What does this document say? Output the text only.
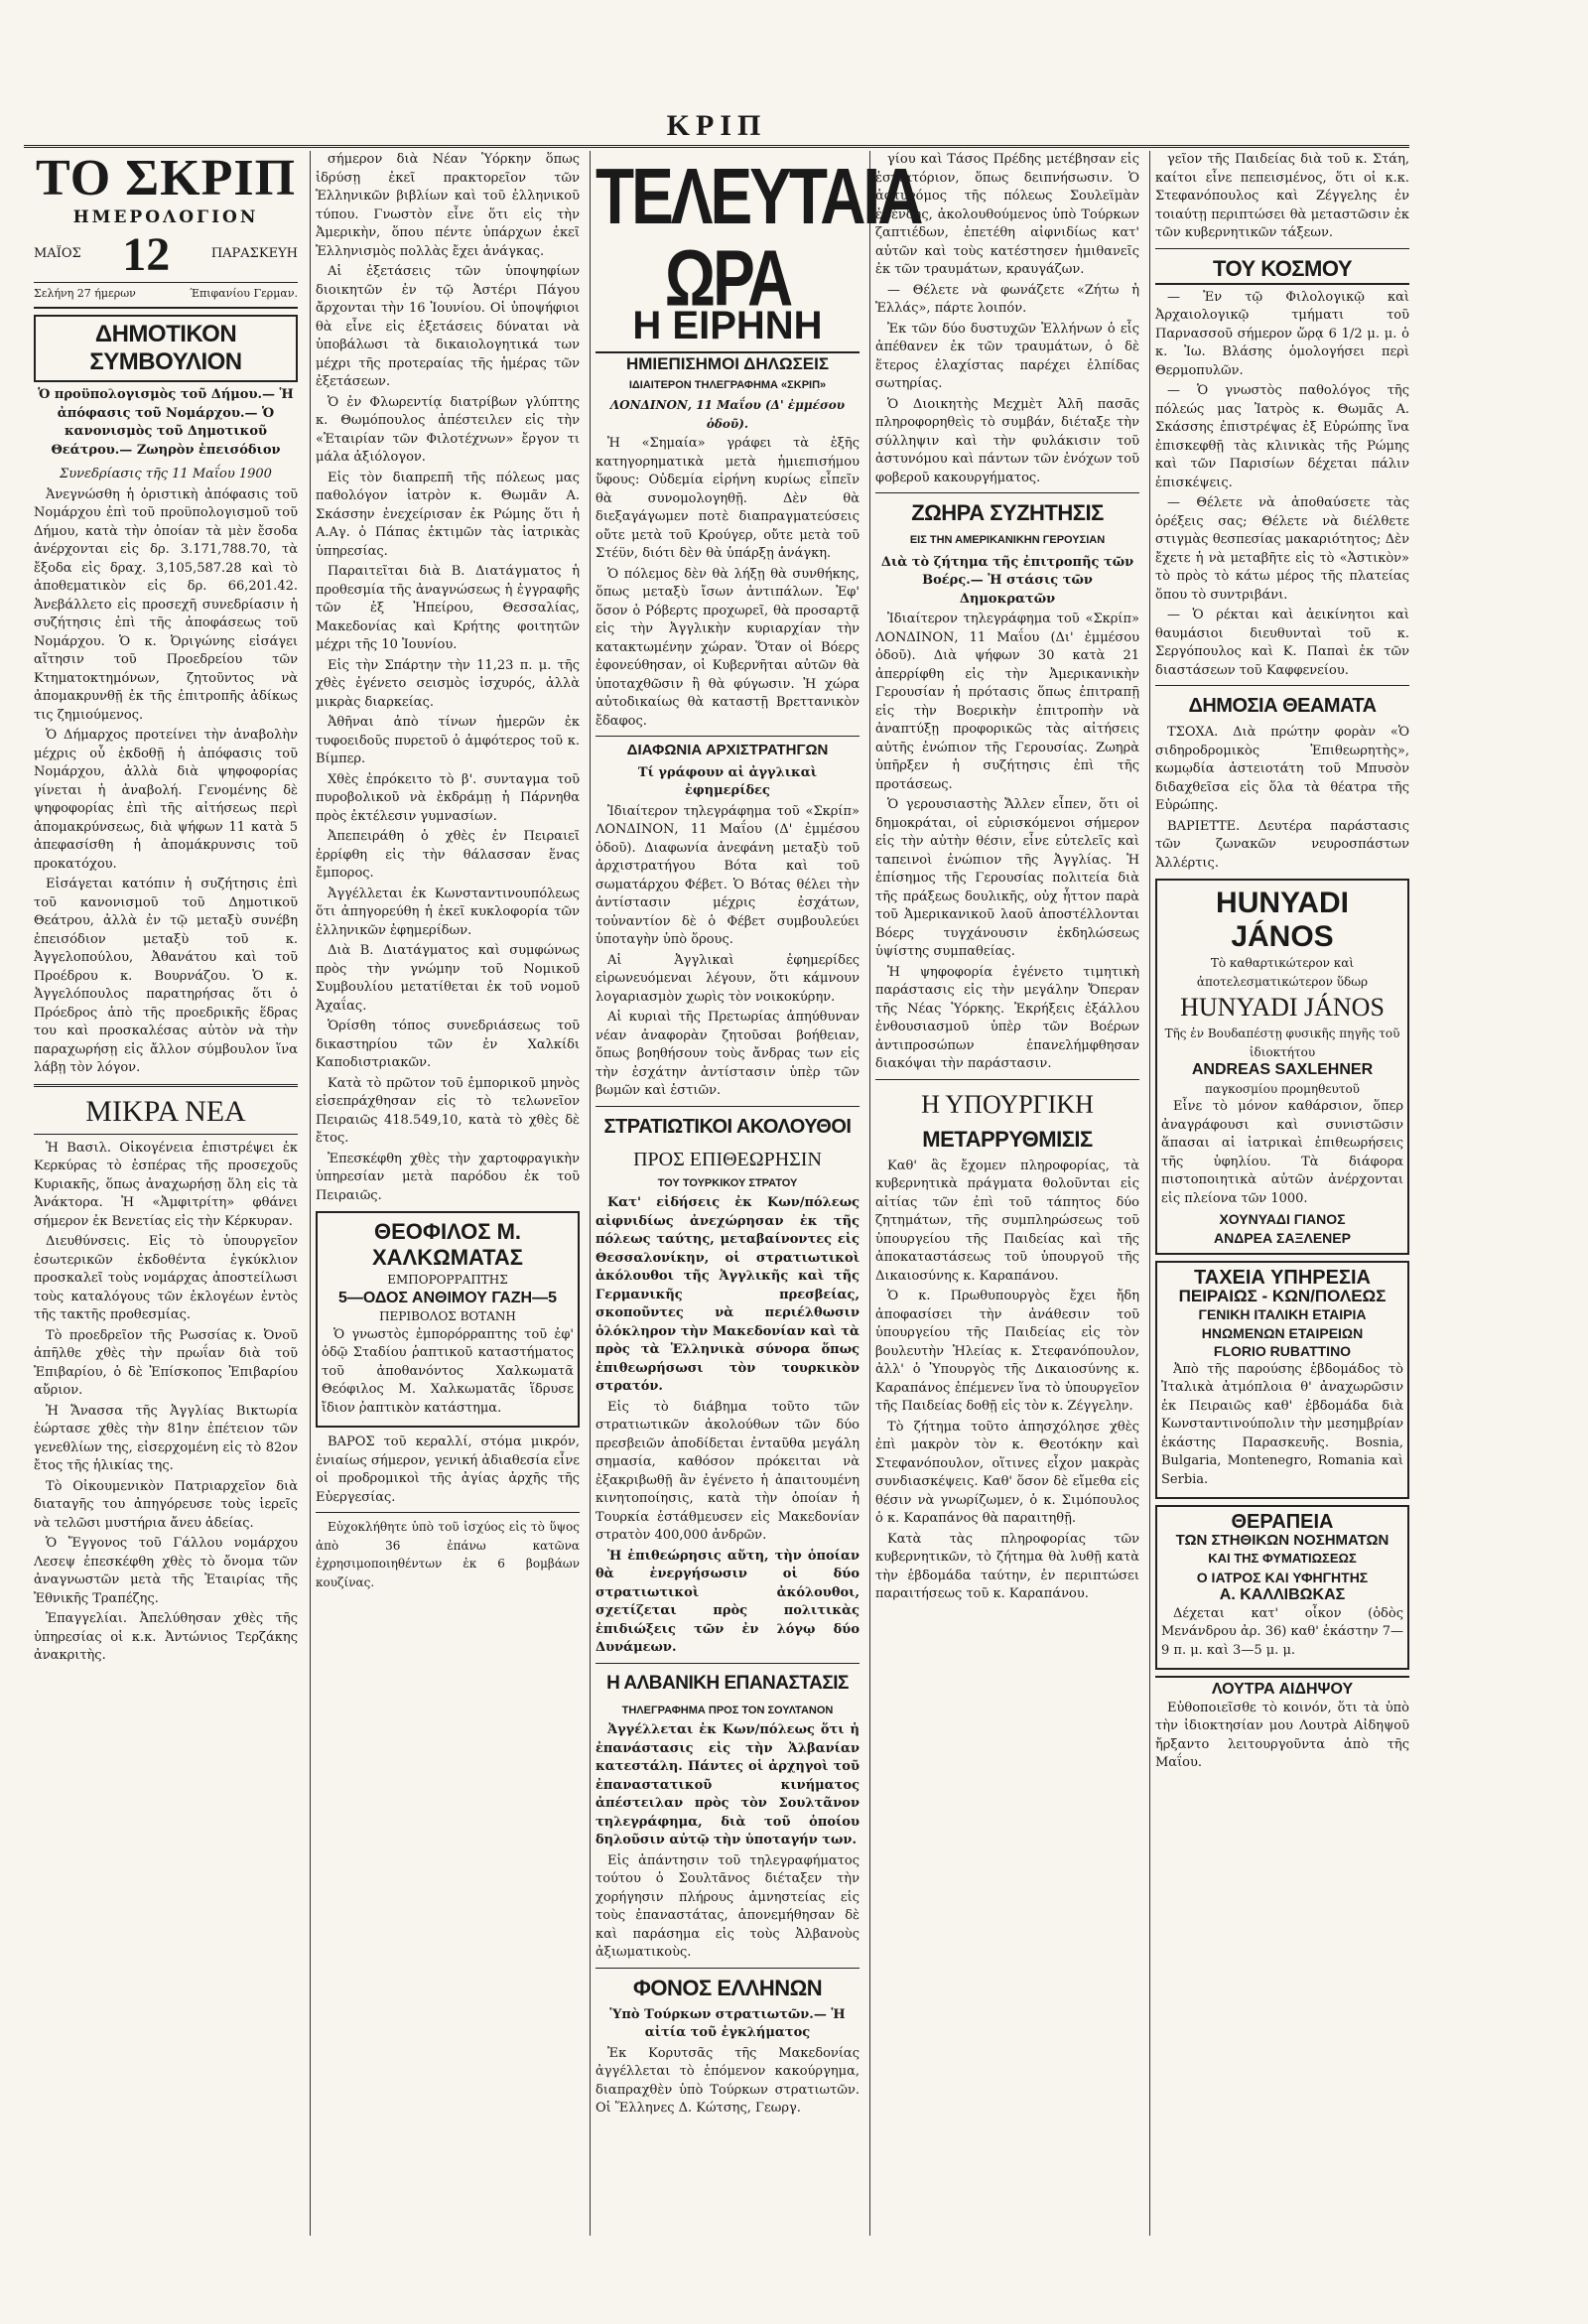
ΚΡΙΠ
ΤΟ ΣΚΡΙΠ
ΗΜΕΡΟΛΟΓΙΟΝ
ΜΑΪΟΣ 12	ΠΑΡΑΣΚΕΥΗ
Σελήνη 27 ήμερων	Έπιφανίου Γερμαν.
ΔΗΜΟΤΙΚΟΝ ΣΥΜΒΟΥΛΙΟΝ
Ὁ προϋπολογισμὸς τοῦ Δήμου.— Ἡ ἀπόφασις τοῦ Νομάρχου.— Ὁ κανονισμὸς τοῦ Δημοτικοῦ Θεάτρου.— Ζωηρὸν ἐπεισόδιον
Συνεδρίασις τῆς 11 Μαΐου 1900

Ἀνεγνώσθη ἡ ὁριστικὴ ἀπόφασις τοῦ Νομάρχου ἐπὶ τοῦ προϋπολογισμοῦ τοῦ Δήμου, κατὰ τὴν ὁποίαν τὰ μὲν ἔσοδα ἀνέρχονται εἰς δρ. 3.171,788.70, τὰ ἔξοδα εἰς δραχ. 3,105,587.28 καὶ τὸ ἀποθεματικὸν εἰς δρ. 66,201.42. Ἀνεβάλλετο εἰς προσεχῆ συνεδρίασιν ἡ συζήτησις ἐπὶ τῆς ἀποφάσεως τοῦ Νομάρχου. Ὁ κ. Ὀριγώνης εἰσάγει αἴτησιν τοῦ Προεδρείου τῶν Κτηματοκτημόνων, ζητοῦντος νὰ ἀπομακρυνθῇ ἐκ τῆς ἐπιτροπῆς ἀδίκως τις ζημιούμενος.

Ὁ Δήμαρχος προτείνει τὴν ἀναβολὴν μέχρις οὗ ἐκδοθῇ ἡ ἀπόφασις τοῦ Νομάρχου, ἀλλὰ διὰ ψηφοφορίας γίνεται ἡ ἀναβολή. Γενομένης δὲ ψηφοφορίας ἐπὶ τῆς αἰτήσεως περὶ ἀπομακρύνσεως, διὰ ψήφων 11 κατὰ 5 ἀπεφασίσθη ἡ ἀπομάκρυνσις τοῦ προκατόχου.

Εἰσάγεται κατόπιν ἡ συζήτησις ἐπὶ τοῦ κανονισμοῦ τοῦ Δημοτικοῦ Θεάτρου, ἀλλὰ ἐν τῷ μεταξὺ συνέβη ἐπεισόδιον μεταξὺ τοῦ κ. Ἀγγελοπούλου, Ἀθανάτου καὶ τοῦ Προέδρου κ. Βουρνάζου. Ὁ κ. Ἀγγελόπουλος παρατηρήσας ὅτι ὁ Πρόεδρος ἀπὸ τῆς προεδρικῆς ἕδρας του καὶ προσκαλέσας αὐτὸν νὰ τὴν παραχωρήσῃ εἰς ἄλλον σύμβουλον ἵνα λάβῃ τὸν λόγον.

ΜΙΚΡΑ ΝΕΑ

Ἡ Βασιλ. Οἰκογένεια ἐπιστρέψει ἐκ Κερκύρας τὸ ἑσπέρας τῆς προσεχοῦς Κυριακῆς, ὅπως ἀναχωρήσῃ ὅλη εἰς τὰ Ἀνάκτορα. Ἡ «Ἀμφιτρίτη» φθάνει σήμερον ἐκ Βενετίας εἰς τὴν Κέρκυραν.

Διευθύνσεις. Εἰς τὸ ὑπουργεῖον ἐσωτερικῶν ἐκδοθέντα ἐγκύκλιον προσκαλεῖ τοὺς νομάρχας ἀποστείλωσι τοὺς καταλόγους τῶν ἐκλογέων ἐντὸς τῆς τακτῆς προθεσμίας.

Τὸ προεδρεῖον τῆς Ρωσσίας κ. Ὀνοῦ ἀπῆλθε χθὲς τὴν πρωΐαν διὰ τοῦ Ἐπιβαρίου, ὁ δὲ Ἐπίσκοπος Ἐπιβαρίου αὔριον.

Ἡ Ἄνασσα τῆς Ἀγγλίας Βικτωρία ἑώρτασε χθὲς τὴν 81ην ἐπέτειον τῶν γενεθλίων της, εἰσερχομένη εἰς τὸ 82ον ἔτος τῆς ἡλικίας της.

Τὸ Οἰκουμενικὸν Πατριαρχεῖον διὰ διαταγῆς του ἀπηγόρευσε τοὺς ἱερεῖς νὰ τελῶσι μυστήρια ἄνευ ἀδείας.

Ὁ Ἔγγονος τοῦ Γάλλου νομάρχου Λεσεψ ἐπεσκέφθη χθὲς τὸ ὄνομα τῶν ἀναγνωστῶν μετὰ τῆς Ἑταιρίας τῆς Ἐθνικῆς Τραπέζης.

Ἐπαγγελίαι. Ἀπελύθησαν χθὲς τῆς ὑπηρεσίας οἱ κ.κ. Ἀντώνιος Τερζάκης ἀνακριτὴς.

σήμερον διὰ Νέαν Ὑόρκην ὅπως ἱδρύσῃ ἐκεῖ πρακτορεῖον τῶν Ἑλληνικῶν βιβλίων καὶ τοῦ ἑλληνικοῦ τύπου. Γνωστὸν εἶνε ὅτι εἰς τὴν Ἀμερικὴν, ὅπου πέντε ὑπάρχων ἐκεῖ Ἑλληνισμὸς πολλὰς ἔχει ἀνάγκας.

Αἱ ἐξετάσεις τῶν ὑποψηφίων διοικητῶν ἐν τῷ Ἀστέρι Πάγου ἄρχονται τὴν 16 Ἰουνίου. Οἱ ὑποψήφιοι θὰ εἶνε εἰς ἐξετάσεις δύναται νὰ ὑποβάλωσι τὰ δικαιολογητικά των μέχρι τῆς προτεραίας τῆς ἡμέρας τῶν ἐξετάσεων.

Ὁ ἐν Φλωρεντίᾳ διατρίβων γλύπτης κ. Θωμόπουλος ἀπέστειλεν εἰς τὴν «Ἑταιρίαν τῶν Φιλοτέχνων» ἔργον τι μάλα ἀξιόλογον.

Εἰς τὸν διαπρεπῆ τῆς πόλεως μας παθολόγον ἰατρὸν κ. Θωμᾶν Α. Σκάσσην ἐνεχείρισαν ἐκ Ρώμης ὅτι ἡ Α.Αγ. ὁ Πάπας ἐκτιμῶν τὰς ἰατρικὰς ὑπηρεσίας.

Παραιτεῖται διὰ Β. Διατάγματος ἡ προθεσμία τῆς ἀναγνώσεως ἡ ἐγγραφῆς τῶν ἐξ Ἠπείρου, Θεσσαλίας, Μακεδονίας καὶ Κρήτης φοιτητῶν μέχρι τῆς 10 Ἰουνίου.

Εἰς τὴν Σπάρτην τὴν 11,23 π. μ. τῆς χθὲς ἐγένετο σεισμὸς ἰσχυρός, ἀλλὰ μικρὰς διαρκείας.

Ἀθῆναι ἀπὸ τίνων ἡμερῶν ἐκ τυφοειδοῦς πυρετοῦ ὁ ἀμφότερος τοῦ κ. Βίμπερ.

Χθὲς ἐπρόκειτο τὸ β'. συνταγμα τοῦ πυροβολικοῦ νὰ ἐκδράμῃ ἡ Πάρνηθα πρὸς ἐκτέλεσιν γυμνασίων.

Ἀπεπειράθη ὁ χθὲς ἐν Πειραιεῖ ἑρρίφθη εἰς τὴν θάλασσαν ἕνας ἔμπορος.

Ἀγγέλλεται ἐκ Κωνσταντινουπόλεως ὅτι ἀπηγορεύθη ἡ ἐκεῖ κυκλοφορία τῶν ἑλληνικῶν ἐφημερίδων.

Διὰ Β. Διατάγματος καὶ συμφώνως πρὸς τὴν γνώμην τοῦ Νομικοῦ Συμβουλίου μετατίθεται ἐκ τοῦ νομοῦ Ἀχαΐας.

Ὁρίσθη τόπος συνεδριάσεως τοῦ δικαστηρίου τῶν ἐν Χαλκίδι Καποδιστριακῶν.

Κατὰ τὸ πρῶτον τοῦ ἐμπορικοῦ μηνὸς εἰσεπράχθησαν εἰς τὸ τελωνεῖον Πειραιῶς 418.549,10, κατὰ τὸ χθὲς δὲ ἔτος.

Ἐπεσκέφθη χθὲς τὴν χαρτοφραγικὴν ὑπηρεσίαν μετὰ παρόδου ἐκ τοῦ Πειραιῶς.

ΘΕΟΦΙΛΟΣ Μ. ΧΑΛΚΩΜΑΤΑΣ
ΕΜΠΟΡΟΡΡΑΠΤΗΣ
5—ΟΔΟΣ ΑΝΘΙΜΟΥ ΓΑΖΗ—5
ΠΕΡΙΒΟΛΟΣ ΒΟΤΑΝΗ

Ὁ γνωστὸς ἐμπορόρραπτης τοῦ ἐφ' ὁδῷ Σταδίου ῥαπτικοῦ καταστήματος τοῦ ἀποθανόντος Χαλκωματᾶ Θεόφιλος Μ. Χαλκωματᾶς ἵδρυσε ἴδιον ῥαπτικὸν κατάστημα.

ΒΑΡΟΣ τοῦ κεραλλί, στόμα μικρόν, ἐνιαίως σήμερον, γενική ἀδιαθεσία εἶνε οἱ προδρομικοὶ τῆς ἀγίας ἀρχῆς τῆς Εὐεργεσίας.

Εὐχοκλήθητε ὑπὸ τοῦ ἰσχύος εἰς τὸ ὕψος ἀπὸ 36 ἐπάνω κατῶνα ἐχρησιμοποιηθέντων ἐκ 6 βομβάων κουζίνας.

ΤΕΛΕΥΤΑΙΑ ΩΡΑ
Η ΕΙΡΗΝΗ
ΗΜΙΕΠΙΣΗΜΟΙ ΔΗΛΩΣΕΙΣ
ΙΔΙΑΙΤΕΡΟΝ ΤΗΛΕΓΡΑΦΗΜΑ «ΣΚΡΙΠ»
ΛΟΝΔΙΝΟΝ, 11 Μαΐου (Δ' ἐμμέσου ὁδοῦ).

Ἡ «Σημαία» γράφει τὰ ἑξῆς κατηγορηματικὰ μετὰ ἡμιεπισήμου ὕφους: Οὐδεμία εἰρήνη κυρίως εἶπεῖν θὰ συνομολογηθῇ. Δὲν θὰ διεξαγάγωμεν ποτὲ διαπραγματεύσεις οὔτε μετὰ τοῦ Κρούγερ, οὔτε μετὰ τοῦ Στέϋν, διότι δὲν θὰ ὑπάρξῃ ἀνάγκη.

Ὁ πόλεμος δὲν θὰ λήξῃ θὰ συνθήκης, ὅπως μεταξὺ ἴσων ἀντιπάλων. Ἐφ' ὅσον ὁ Ρόβερτς προχωρεῖ, θὰ προσαρτᾷ εἰς τὴν Ἀγγλικὴν κυριαρχίαν τὴν κατακτωμένην χώραν. Ὅταν οἱ Βόερς ἐφονεύθησαν, οἱ Κυβερνῆται αὐτῶν θὰ ὑποταχθῶσιν ἢ θὰ φύγωσιν. Ἡ χώρα αὐτοδικαίως θὰ καταστῇ Βρεττανικὸν ἔδαφος.

ΔΙΑΦΩΝΙΑ ΑΡΧΙΣΤΡΑΤΗΓΩΝ
Τί γράφουν αἱ ἀγγλικαὶ ἐφημερίδες

Ἰδιαίτερον τηλεγράφημα τοῦ «Σκρίπ» ΛΟΝΔΙΝΟΝ, 11 Μαΐου (Δ' ἐμμέσου ὁδοῦ). Διαφωνία ἀνεφάνη μεταξὺ τοῦ ἀρχιστρατήγου Βότα καὶ τοῦ σωματάρχου Φέβετ. Ὁ Βότας θέλει τὴν ἀντίστασιν μέχρις ἐσχάτων, τοὐναντίον δὲ ὁ Φέβετ συμβουλεύει ὑποταγὴν ὑπὸ ὅρους.

Αἱ Ἀγγλικαὶ ἐφημερίδες εἰρωνευόμεναι λέγουν, ὅτι κάμνουν λογαριασμὸν χωρὶς τὸν νοικοκύρην.

Αἱ κυριαὶ τῆς Πρετωρίας ἀπηύθυναν νέαν ἀναφορὰν ζητοῦσαι βοήθειαν, ὅπως βοηθήσουν τοὺς ἄνδρας των εἰς τὴν ἐσχάτην ἀντίστασιν ὑπὲρ τῶν βωμῶν καὶ ἑστιῶν.

ΣΤΡΑΤΙΩΤΙΚΟΙ ΑΚΟΛΟΥΘΟΙ
ΠΡΟΣ ΕΠΙΘΕΩΡΗΣΙΝ
ΤΟΥ ΤΟΥΡΚΙΚΟΥ ΣΤΡΑΤΟΥ

Κατ' εἰδήσεις ἐκ Κων/πόλεως αἰφνιδίως ἀνεχώρησαν ἐκ τῆς πόλεως ταύτης, μεταβαίνοντες εἰς Θεσσαλονίκην, οἱ στρατιωτικοὶ ἀκόλουθοι τῆς Ἀγγλικῆς καὶ τῆς Γερμανικῆς πρεσβείας, σκοποῦντες νὰ περιέλθωσιν ὁλόκληρον τὴν Μακεδονίαν καὶ τὰ πρὸς τὰ Ἑλληνικὰ σύνορα ὅπως ἐπιθεωρήσωσι τὸν τουρκικὸν στρατόν.

Εἰς τὸ διάβημα τοῦτο τῶν στρατιωτικῶν ἀκολούθων τῶν δύο πρεσβειῶν ἀποδίδεται ἐνταῦθα μεγάλη σημασία, καθόσον πρόκειται νὰ ἐξακριβωθῇ ἂν ἐγένετο ἡ ἀπαιτουμένη κινητοποίησις, κατὰ τὴν ὁποίαν ἡ Τουρκία ἐστάθμευσεν εἰς Μακεδονίαν στρατὸν 400,000 ἀνδρῶν.

Ἡ ἐπιθεώρησις αὕτη, τὴν ὁποίαν θὰ ἐνεργήσωσιν οἱ δύο στρατιωτικοὶ ἀκόλουθοι, σχετίζεται πρὸς πολιτικὰς ἐπιδιώξεις τῶν ἐν λόγῳ δύο Δυνάμεων.

Η ΑΛΒΑΝΙΚΗ ΕΠΑΝΑΣΤΑΣΙΣ
ΤΗΛΕΓΡΑΦΗΜΑ ΠΡΟΣ ΤΟΝ ΣΟΥΛΤΑΝΟΝ

Ἀγγέλλεται ἐκ Κων/πόλεως ὅτι ἡ ἐπανάστασις εἰς τὴν Ἀλβανίαν κατεστάλη. Πάντες οἱ ἀρχηγοὶ τοῦ ἐπαναστατικοῦ κινήματος ἀπέστειλαν πρὸς τὸν Σουλτᾶνον τηλεγράφημα, διὰ τοῦ ὁποίου δηλοῦσιν αὐτῷ τὴν ὑποταγήν των.

Εἰς ἀπάντησιν τοῦ τηλεγραφήματος τούτου ὁ Σουλτᾶνος διέταξεν τὴν χορήγησιν πλήρους ἀμνηστείας εἰς τοὺς ἐπαναστάτας, ἀπονεμήθησαν δὲ καὶ παράσημα εἰς τοὺς Ἀλβανοὺς ἀξιωματικοὺς.

ΦΟΝΟΣ ΕΛΛΗΝΩΝ
Ὑπὸ Τούρκων στρατιωτῶν.— Ἡ αἰτία τοῦ ἐγκλήματος

Ἐκ Κορυτσᾶς τῆς Μακεδονίας ἀγγέλλεται τὸ ἑπόμενον κακούργημα, διαπραχθὲν ὑπὸ Τούρκων στρατιωτῶν. Οἱ Ἕλληνες Δ. Κώτσης, Γεωργ.

γίου καὶ Τάσος Πρέδης μετέβησαν εἰς ἑστιατόριον, ὅπως δειπνήσωσιν. Ὁ ἀστυνόμος τῆς πόλεως Σουλεϊμὰν ἐφένδης, ἀκολουθούμενος ὑπὸ Τούρκων ζαπτιέδων, ἐπετέθη αἰφνιδίως κατ' αὐτῶν καὶ τοὺς κατέστησεν ἡμιθανεῖς ἐκ τῶν τραυμάτων, κραυγάζων.

— Θέλετε νὰ φωνάζετε «Ζήτω ἡ Ἑλλάς», πάρτε λοιπόν.

Ἐκ τῶν δύο δυστυχῶν Ἑλλήνων ὁ εἷς ἀπέθανεν ἐκ τῶν τραυμάτων, ὁ δὲ ἕτερος ἐλαχίστας παρέχει ἐλπίδας σωτηρίας.

Ὁ Διοικητὴς Μεχμὲτ Ἀλῆ πασᾶς πληροφορηθεὶς τὸ συμβάν, διέταξε τὴν σύλληψιν καὶ τὴν φυλάκισιν τοῦ ἀστυνόμου καὶ πάντων τῶν ἐνόχων τοῦ φοβεροῦ κακουργήματος.

ΖΩΗΡΑ ΣΥΖΗΤΗΣΙΣ
ΕΙΣ ΤΗΝ ΑΜΕΡΙΚΑΝΙΚΗΝ ΓΕΡΟΥΣΙΑΝ
Διὰ τὸ ζήτημα τῆς ἐπιτροπῆς τῶν Βοέρς.— Ἡ στάσις τῶν Δημοκρατῶν

Ἰδιαίτερον τηλεγράφημα τοῦ «Σκρίπ» ΛΟΝΔΙΝΟΝ, 11 Μαΐου (Δι' ἐμμέσου ὁδοῦ). Διὰ ψήφων 30 κατὰ 21 ἀπερρίφθη εἰς τὴν Ἀμερικανικὴν Γερουσίαν ἡ πρότασις ὅπως ἐπιτραπῇ εἰς τὴν Βοερικὴν ἐπιτροπὴν νὰ ἀναπτύξῃ προφορικῶς τὰς αἰτήσεις αὐτῆς ἐνώπιον τῆς Γερουσίας. Ζωηρὰ ὑπῆρξεν ἡ συζήτησις ἐπὶ τῆς προτάσεως.

Ὁ γερουσιαστὴς Ἄλλεν εἶπεν, ὅτι οἱ δημοκράται, οἱ εὐρισκόμενοι σήμερον εἰς τὴν αὐτὴν θέσιν, εἶνε εὐτελεῖς καὶ ταπεινοὶ ἐνώπιον τῆς Ἀγγλίας. Ἡ ἐπίσημος τῆς Γερουσίας πολιτεία διὰ τῆς πράξεως δουλικῆς, οὐχ ἧττον παρὰ τοῦ Ἀμερικανικοῦ λαοῦ ἀποστέλλονται Βόερς τυγχάνουσιν ἐκδηλώσεως ὑψίστης συμπαθείας.

Ἡ ψηφοφορία ἐγένετο τιμητικὴ παράστασις εἰς τὴν μεγάλην Ὄπεραν τῆς Νέας Ὑόρκης. Ἐκρήξεις ἐξάλλου ἐνθουσιασμοῦ ὑπὲρ τῶν Βοέρων ἀντιπροσώπων ἐπανελήμφθησαν διακόψαι τὴν παράστασιν.

Η ΥΠΟΥΡΓΙΚΗ
ΜΕΤΑΡΡΥΘΜΙΣΙΣ

Καθ' ἃς ἔχομεν πληροφορίας, τὰ κυβερνητικὰ πράγματα θολοῦνται εἰς αἰτίας τῶν ἐπὶ τοῦ τάπητος δύο ζητημάτων, τῆς συμπληρώσεως τοῦ ὑπουργείου τῆς Παιδείας καὶ τῆς ἀποκαταστάσεως τοῦ ὑπουργοῦ τῆς Δικαιοσύνης κ. Καραπάνου.

Ὁ κ. Πρωθυπουργὸς ἔχει ἤδη ἀποφασίσει τὴν ἀνάθεσιν τοῦ ὑπουργείου τῆς Παιδείας εἰς τὸν βουλευτὴν Ἡλείας κ. Στεφανόπουλον, ἀλλ' ὁ Ὑπουργὸς τῆς Δικαιοσύνης κ. Καραπάνος ἐπέμενεν ἵνα τὸ ὑπουργεῖον τῆς Παιδείας δοθῇ εἰς τὸν κ. Ζέγγελην.

Τὸ ζήτημα τοῦτο ἀπησχόλησε χθὲς ἐπὶ μακρὸν τὸν κ. Θεοτόκην καὶ Στεφανόπουλον, οἵτινες εἶχον μακρὰς συνδιασκέψεις. Καθ' ὅσον δὲ εἴμεθα εἰς θέσιν νὰ γνωρίζωμεν, ὁ κ. Σιμόπουλος ὁ κ. Καραπάνος θὰ παραιτηθῇ.

Κατὰ τὰς πληροφορίας τῶν κυβερνητικῶν, τὸ ζήτημα θὰ λυθῇ κατὰ τὴν ἑβδομάδα ταύτην, ἐν περιπτώσει παραιτήσεως τοῦ κ. Καραπάνου.

γεῖον τῆς Παιδείας διὰ τοῦ κ. Στάη, καίτοι εἶνε πεπεισμένος, ὅτι οἱ κ.κ. Στεφανόπουλος καὶ Ζέγγελης ἐν τοιαύτῃ περιπτώσει θὰ μεταστῶσιν ἐκ τῶν κυβερνητικῶν τάξεων.

ΤΟΥ ΚΟΣΜΟΥ

— Ἐν τῷ Φιλολογικῷ καὶ Ἀρχαιολογικῷ τμήματι τοῦ Παρνασσοῦ σήμερον ὥρᾳ 6 1/2 μ. μ. ὁ κ. Ἰω. Βλάσης ὁμολογήσει περὶ Θερμοπυλῶν.

— Ὁ γνωστὸς παθολόγος τῆς πόλεώς μας Ἰατρὸς κ. Θωμᾶς Α. Σκάσσης ἐπιστρέψας ἐξ Εὐρώπης ἵνα ἐπισκεφθῇ τὰς κλινικὰς τῆς Ρώμης καὶ τῶν Παρισίων δέχεται πάλιν ἐπισκέψεις.

— Θέλετε νὰ ἀποθαύσετε τὰς ὀρέξεις σας; Θέλετε νὰ διέλθετε στιγμὰς θεσπεσίας μακαριότητος; Δὲν ἔχετε ἡ νὰ μεταβῆτε εἰς τὸ «Ἀστικὸν» τὸ πρὸς τὸ κάτω μέρος τῆς πλατείας ὅπου τὸ συντριβάνι.

— Ὁ ρέκται καὶ ἀεικίνητοι καὶ θαυμάσιοι διευθυνταὶ τοῦ κ. Σεργόπουλος καὶ Κ. Παπαὶ ἐκ τῶν διαστάσεων τοῦ Καφφενείου.

ΔΗΜΟΣΙΑ ΘΕΑΜΑΤΑ

ΤΣΟΧΑ. Διὰ πρώτην φορὰν «Ὁ σιδηροδρομικὸς Ἐπιθεωρητὴς», κωμῳδία ἀστειοτάτη τοῦ Μπυσὸν διδαχθεῖσα εἰς ὅλα τὰ θέατρα τῆς Εὐρώπης.

ΒΑΡΙΕΤΤΕ. Δευτέρα παράστασις τῶν ζωνακῶν νευροσπάστων Ἀλλέρτις.

HUNYADI JÁNOS
Τὸ καθαρτικώτερον καὶ ἀποτελεσματικώτερον ὕδωρ
HUNYADI JÁNOS
Τῆς ἐν Βουδαπέστῃ φυσικῆς πηγῆς τοῦ ἰδιοκτήτου
ANDREAS SAXLEHNER
παγκοσμίου προμηθευτοῦ

Εἶνε τὸ μόνον καθάρσιον, ὅπερ ἀναγράφουσι καὶ συνιστῶσιν ἅπασαι αἱ ἰατρικαὶ ἐπιθεωρήσεις τῆς ὑφηλίου. Τὰ διάφορα πιστοποιητικὰ αὐτῶν ἀνέρχονται εἰς πλείονα τῶν 1000.

ΧΟΥΝΥΑΔΙ ΓΙΑΝΟΣ
ΑΝΔΡΕΑ ΣΑΞΛΕΝΕΡ
ΤΑΧΕΙΑ ΥΠΗΡΕΣΙΑ
ΠΕΙΡΑΙΩΣ - ΚΩΝ/ΠΟΛΕΩΣ
ΓΕΝΙΚΗ ΙΤΑΛΙΚΗ ΕΤΑΙΡΙΑ
ΗΝΩΜΕΝΩΝ ΕΤΑΙΡΕΙΩΝ
FLORIO RUBATTINO

Ἀπὸ τῆς παρούσης ἑβδομάδος τὸ Ἰταλικὰ ἀτμόπλοια θ' ἀναχωρῶσιν ἐκ Πειραιῶς καθ' ἑβδομάδα διὰ Κωνσταντινούπολιν τὴν μεσημβρίαν ἑκάστης Παρασκευῆς. Bosnia, Bulgaria, Montenegro, Romania καὶ Serbia.

ΘΕΡΑΠΕΙΑ
ΤΩΝ ΣΤΗΘΙΚΩΝ ΝΟΣΗΜΑΤΩΝ
ΚΑΙ ΤΗΣ ΦΥΜΑΤΙΩΣΕΩΣ
Ο ΙΑΤΡΟΣ ΚΑΙ ΥΦΗΓΗΤΗΣ
Α. ΚΑΛΛΙΒΩΚΑΣ

Δέχεται κατ' οἶκον (ὁδὸς Μενάνδρου ἀρ. 36) καθ' ἑκάστην 7—9 π. μ. καὶ 3—5 μ. μ.

ΛΟΥΤΡΑ ΑΙΔΗΨΟΥ

Εὐθοποιεῖσθε τὸ κοινόν, ὅτι τὰ ὑπὸ τὴν ἰδιοκτησίαν μου Λουτρὰ Αἰδηψοῦ ἤρξαντο λειτουργοῦντα ἀπὸ τῆς Μαΐου.
